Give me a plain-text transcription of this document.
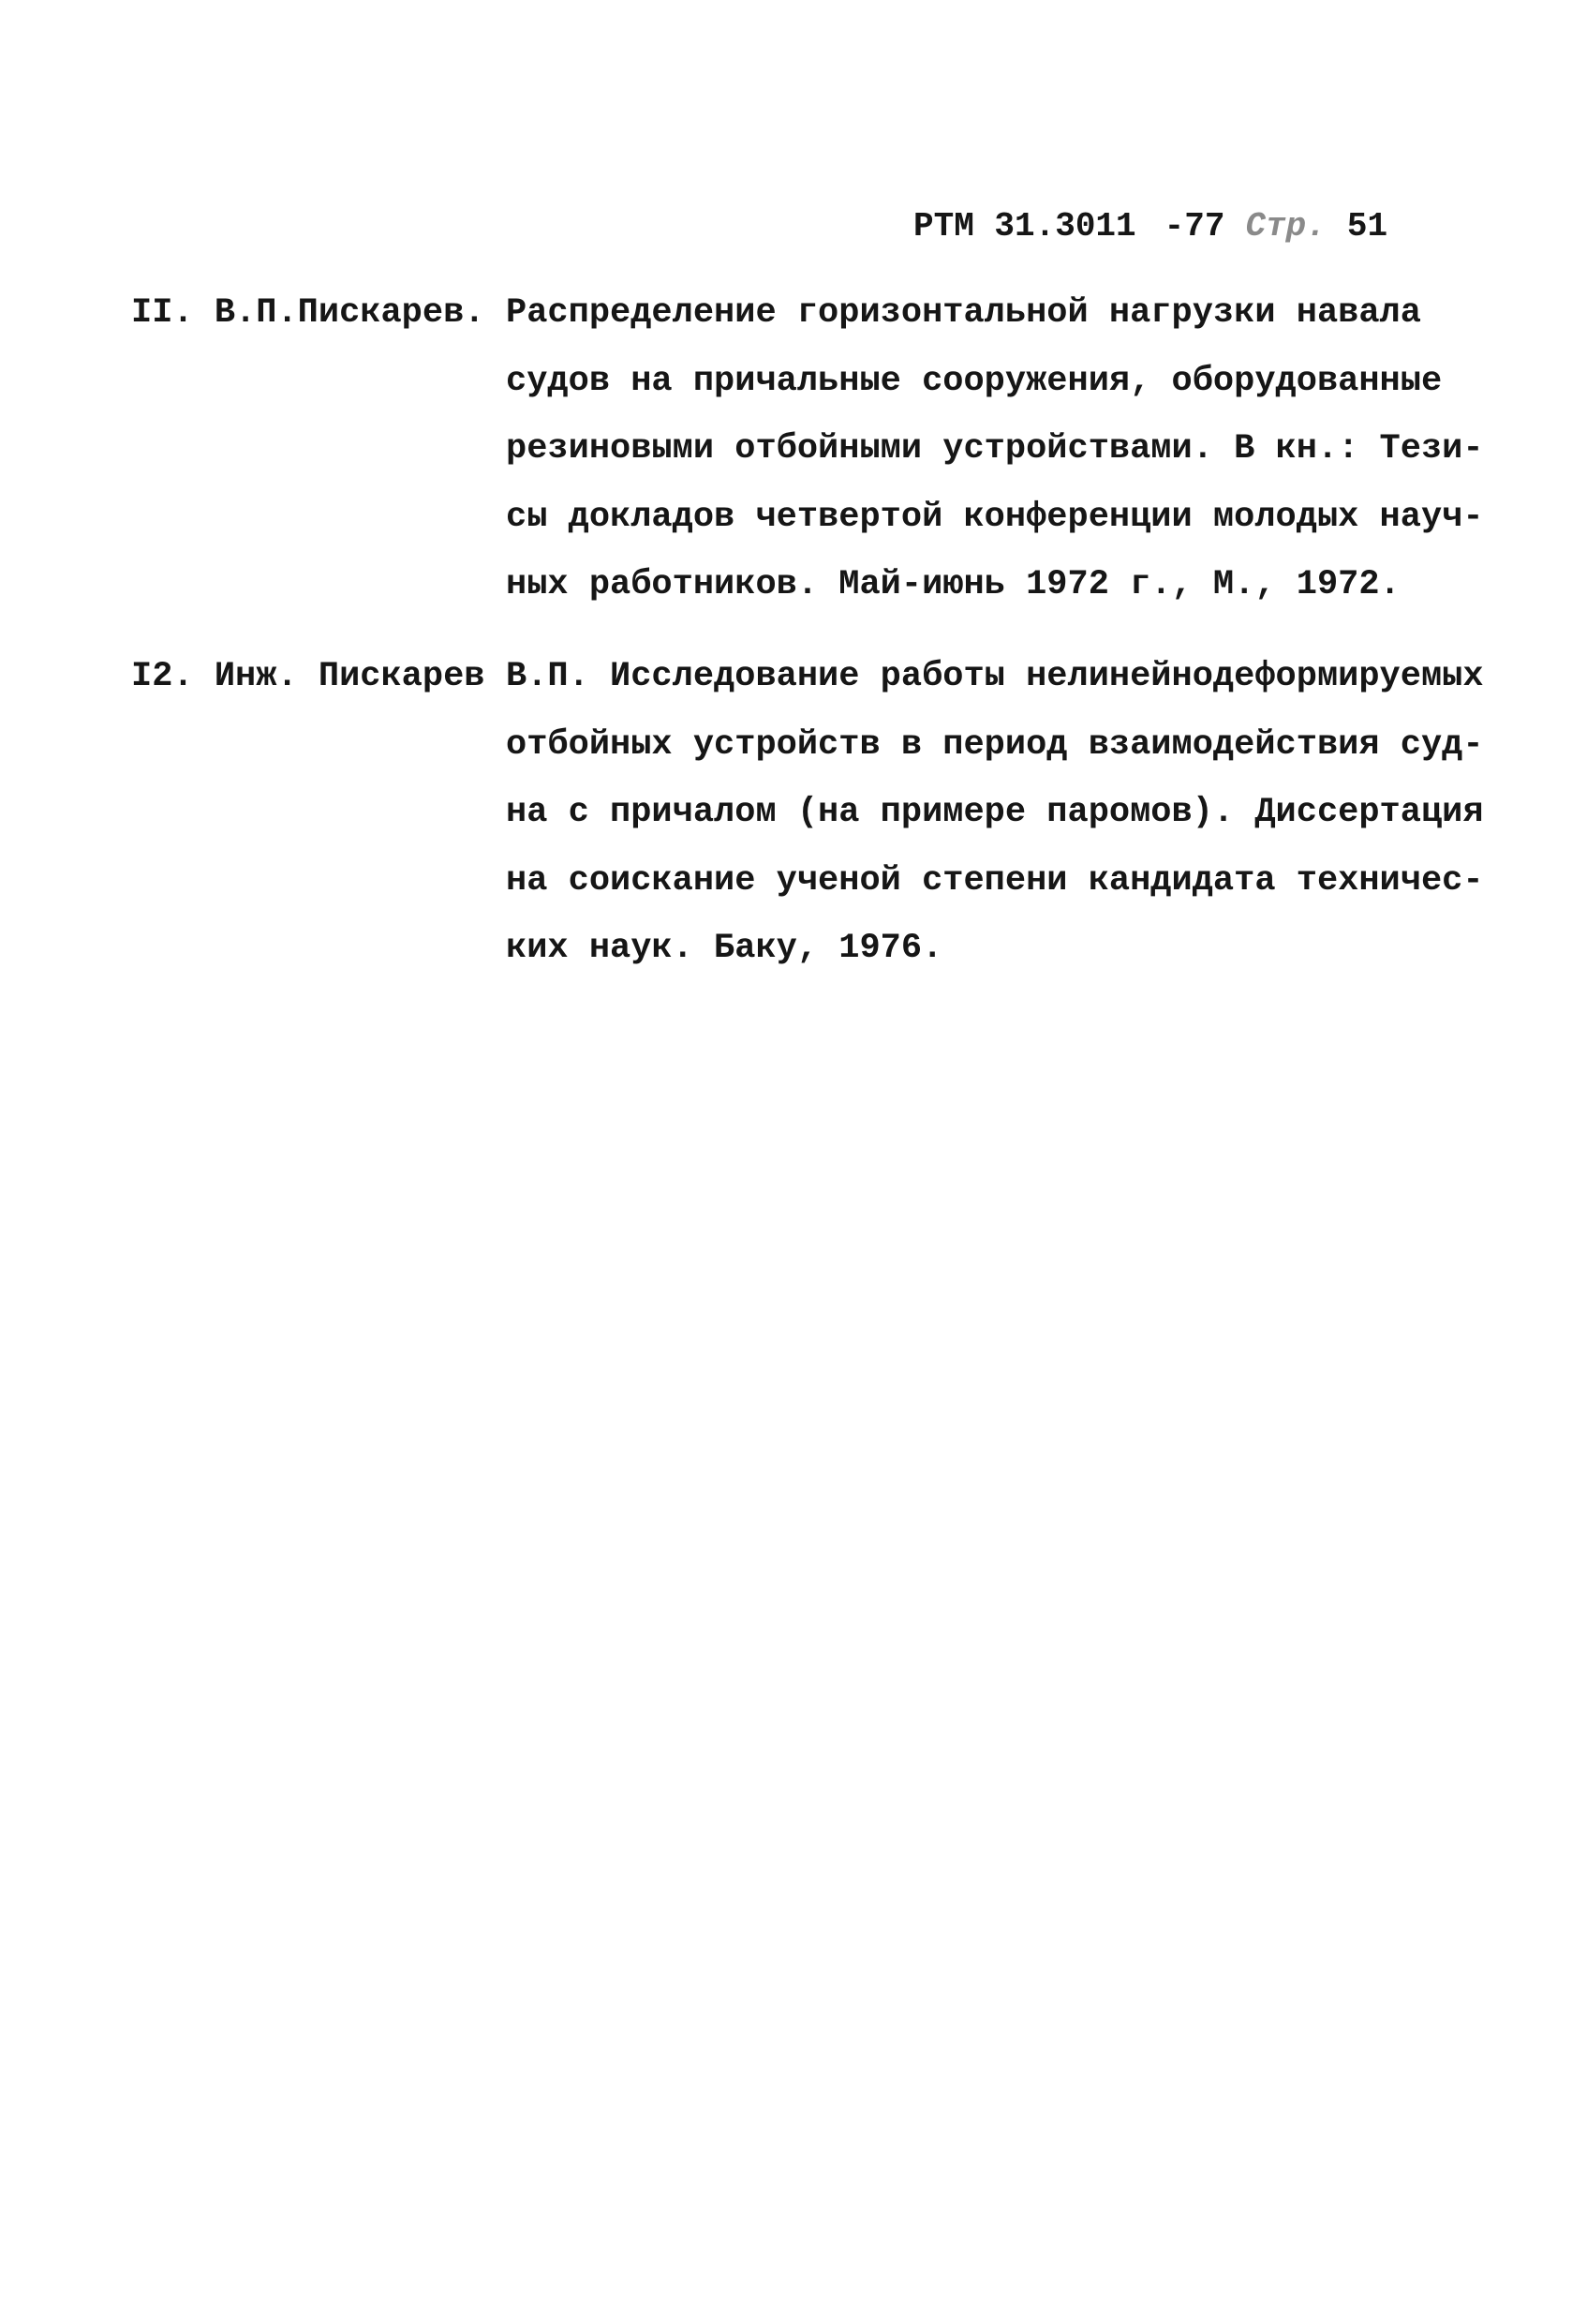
РТМ 31.3011 -77 Стр. 51
II. В.П.Пискарев. Распределение горизонтальной нагрузки навала
судов на причальные сооружения, оборудованные
резиновыми отбойными устройствами. В кн.: Тези-
сы докладов четвертой конференции молодых науч-
ных работников. Май-июнь 1972 г., М., 1972.
I2. Инж. Пискарев В.П. Исследование работы нелинейнодеформируемых
отбойных устройств в период взаимодействия суд-
на с причалом (на примере паромов). Диссертация
на соискание ученой степени кандидата техничес-
ких наук. Баку, 1976.
